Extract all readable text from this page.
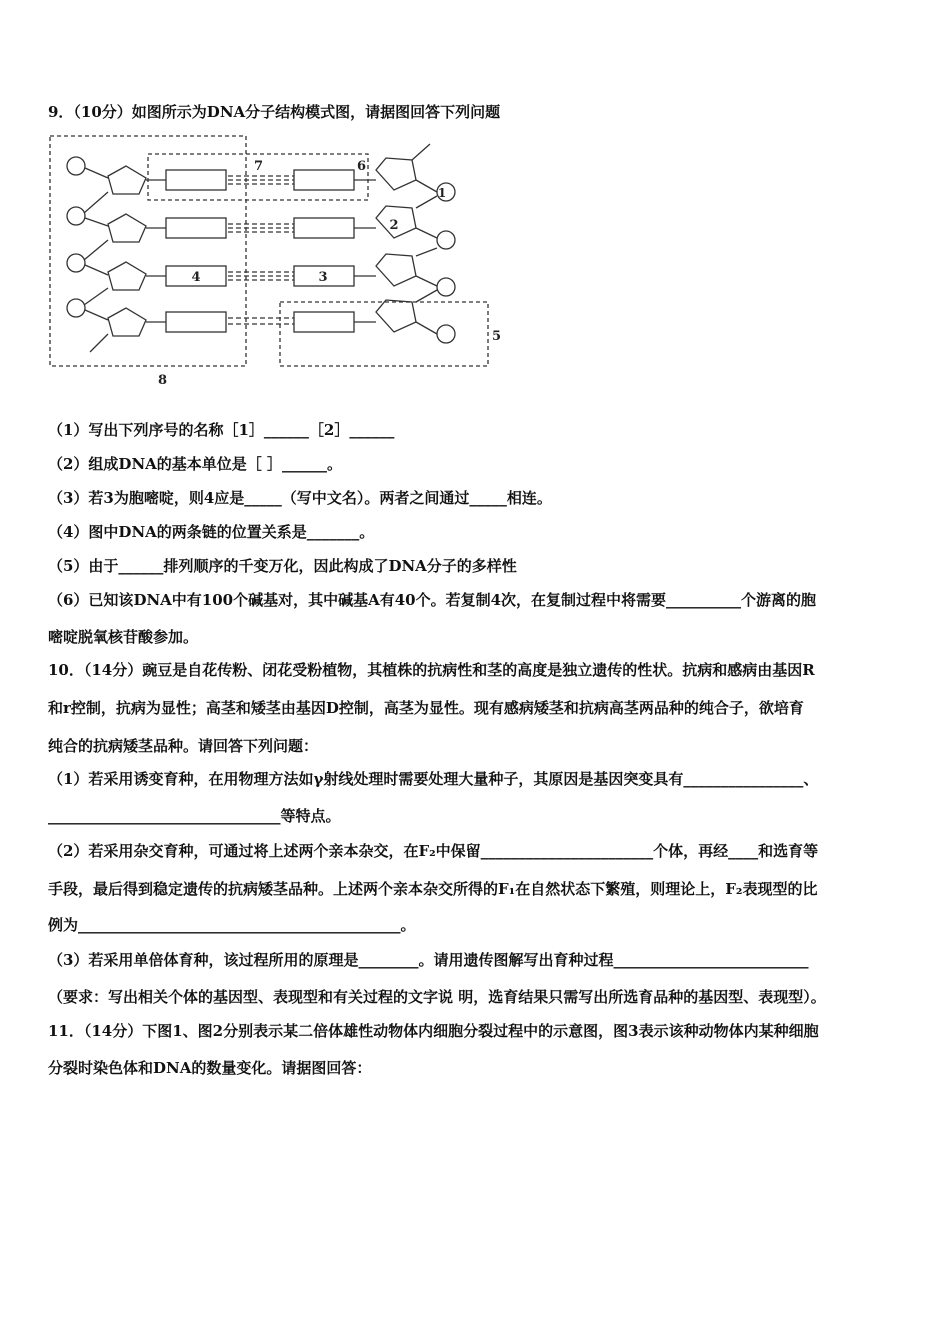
9．（10分）如图所示为DNA分子结构模式图，请据图回答下列问题
7	6
1
2
4	3
5
8
（1）写出下列序号的名称［1］______［2］______
（2）组成DNA的基本单位是［ ］______。
（3）若3为胞嘧啶，则4应是_____（写中文名）。两者之间通过_____相连。
（4）图中DNA的两条链的位置关系是_______。
（5）由于______排列顺序的千变万化，因此构成了DNA分子的多样性
（6）已知该DNA中有100个碱基对，其中碱基A有40个。若复制4次，在复制过程中将需要__________个游离的胞
嘧啶脱氧核苷酸参加。
10．（14分）豌豆是自花传粉、闭花受粉植物，其植株的抗病性和茎的高度是独立遗传的性状。抗病和感病由基因R
和r控制，抗病为显性；高茎和矮茎由基因D控制，高茎为显性。现有感病矮茎和抗病高茎两品种的纯合子，欲培育
纯合的抗病矮茎品种。请回答下列问题：
（1）若采用诱变育种，在用物理方法如γ射线处理时需要处理大量种子，其原因是基因突变具有________________、
_______________________________等特点。
（2）若采用杂交育种，可通过将上述两个亲本杂交，在F₂中保留_______________________个体，再经____和选育等
手段，最后得到稳定遗传的抗病矮茎品种。上述两个亲本杂交所得的F₁在自然状态下繁殖，则理论上，F₂表现型的比
例为___________________________________________。
（3）若采用单倍体育种，该过程所用的原理是________。请用遗传图解写出育种过程__________________________
（要求：写出相关个体的基因型、表现型和有关过程的文字说 明，选育结果只需写出所选育品种的基因型、表现型）。
11．（14分）下图1、图2分别表示某二倍体雄性动物体内细胞分裂过程中的示意图，图3表示该种动物体内某种细胞
分裂时染色体和DNA的数量变化。请据图回答：
